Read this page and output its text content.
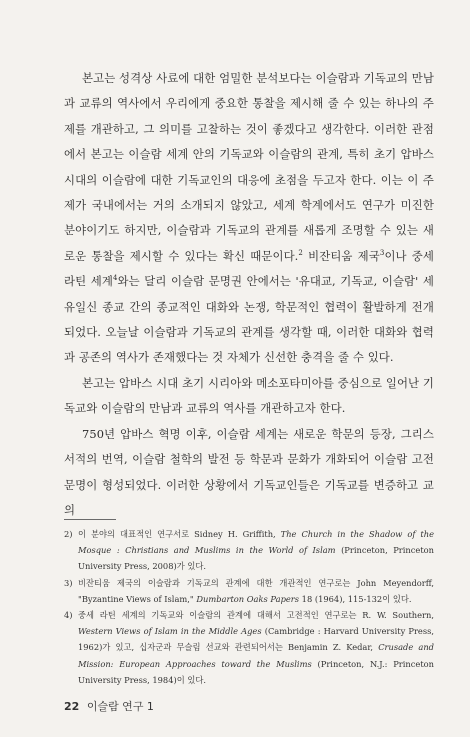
본고는 성격상 사료에 대한 엄밀한 분석보다는 이슬람과 기독교의 만남과 교류의 역사에서 우리에게 중요한 통찰을 제시해 줄 수 있는 하나의 주제를 개관하고, 그 의미를 고찰하는 것이 좋겠다고 생각한다. 이러한 관점에서 본고는 이슬람 세계 안의 기독교와 이슬람의 관계, 특히 초기 압바스 시대의 이슬람에 대한 기독교인의 대응에 초점을 두고자 한다. 이는 이 주제가 국내에서는 거의 소개되지 않았고, 세계 학계에서도 연구가 미진한 분야이기도 하지만, 이슬람과 기독교의 관계를 새롭게 조명할 수 있는 새로운 통찰을 제시할 수 있다는 확신 때문이다.$^2$ 비잔티움 제국$^3$이나 중세 라틴 세계$^4$와는 달리 이슬람 문명권 안에서는 '유대교, 기독교, 이슬람' 세 유일신 종교 간의 종교적인 대화와 논쟁, 학문적인 협력이 활발하게 전개되었다. 오늘날 이슬람과 기독교의 관계를 생각할 때, 이러한 대화와 협력과 공존의 역사가 존재했다는 것 자체가 신선한 충격을 줄 수 있다.

본고는 압바스 시대 초기 시리아와 메소포타미아를 중심으로 일어난 기독교와 이슬람의 만남과 교류의 역사를 개관하고자 한다.

750년 압바스 혁명 이후, 이슬람 세계는 새로운 학문의 등장, 그리스 서적의 번역, 이슬람 철학의 발전 등 학문과 문화가 개화되어 이슬람 고전 문명이 형성되었다. 이러한 상황에서 기독교인들은 기독교를 변증하고 교의

2) 이 분야의 대표적인 연구서로 Sidney H. Griffith, The Church in the Shadow of the Mosque : Christians and Muslims in the World of Islam (Princeton, Princeton University Press, 2008)가 있다.
3) 비잔티움 제국의 이슬람과 기독교의 관계에 대한 개관적인 연구로는 John Meyendorff, "Byzantine Views of Islam," Dumbarton Oaks Papers 18 (1964), 115-132이 있다.
4) 중세 라틴 세계의 기독교와 이슬람의 관계에 대해서 고전적인 연구로는 R. W. Southern, Western Views of Islam in the Middle Ages (Cambridge : Harvard University Press, 1962)가 있고, 십자군과 무슬림 선교와 관련되어서는 Benjamin Z. Kedar, Crusade and Mission: European Approaches toward the Muslims (Princeton, N.J.: Princeton University Press, 1984)이 있다.
22 이슬람 연구 1
